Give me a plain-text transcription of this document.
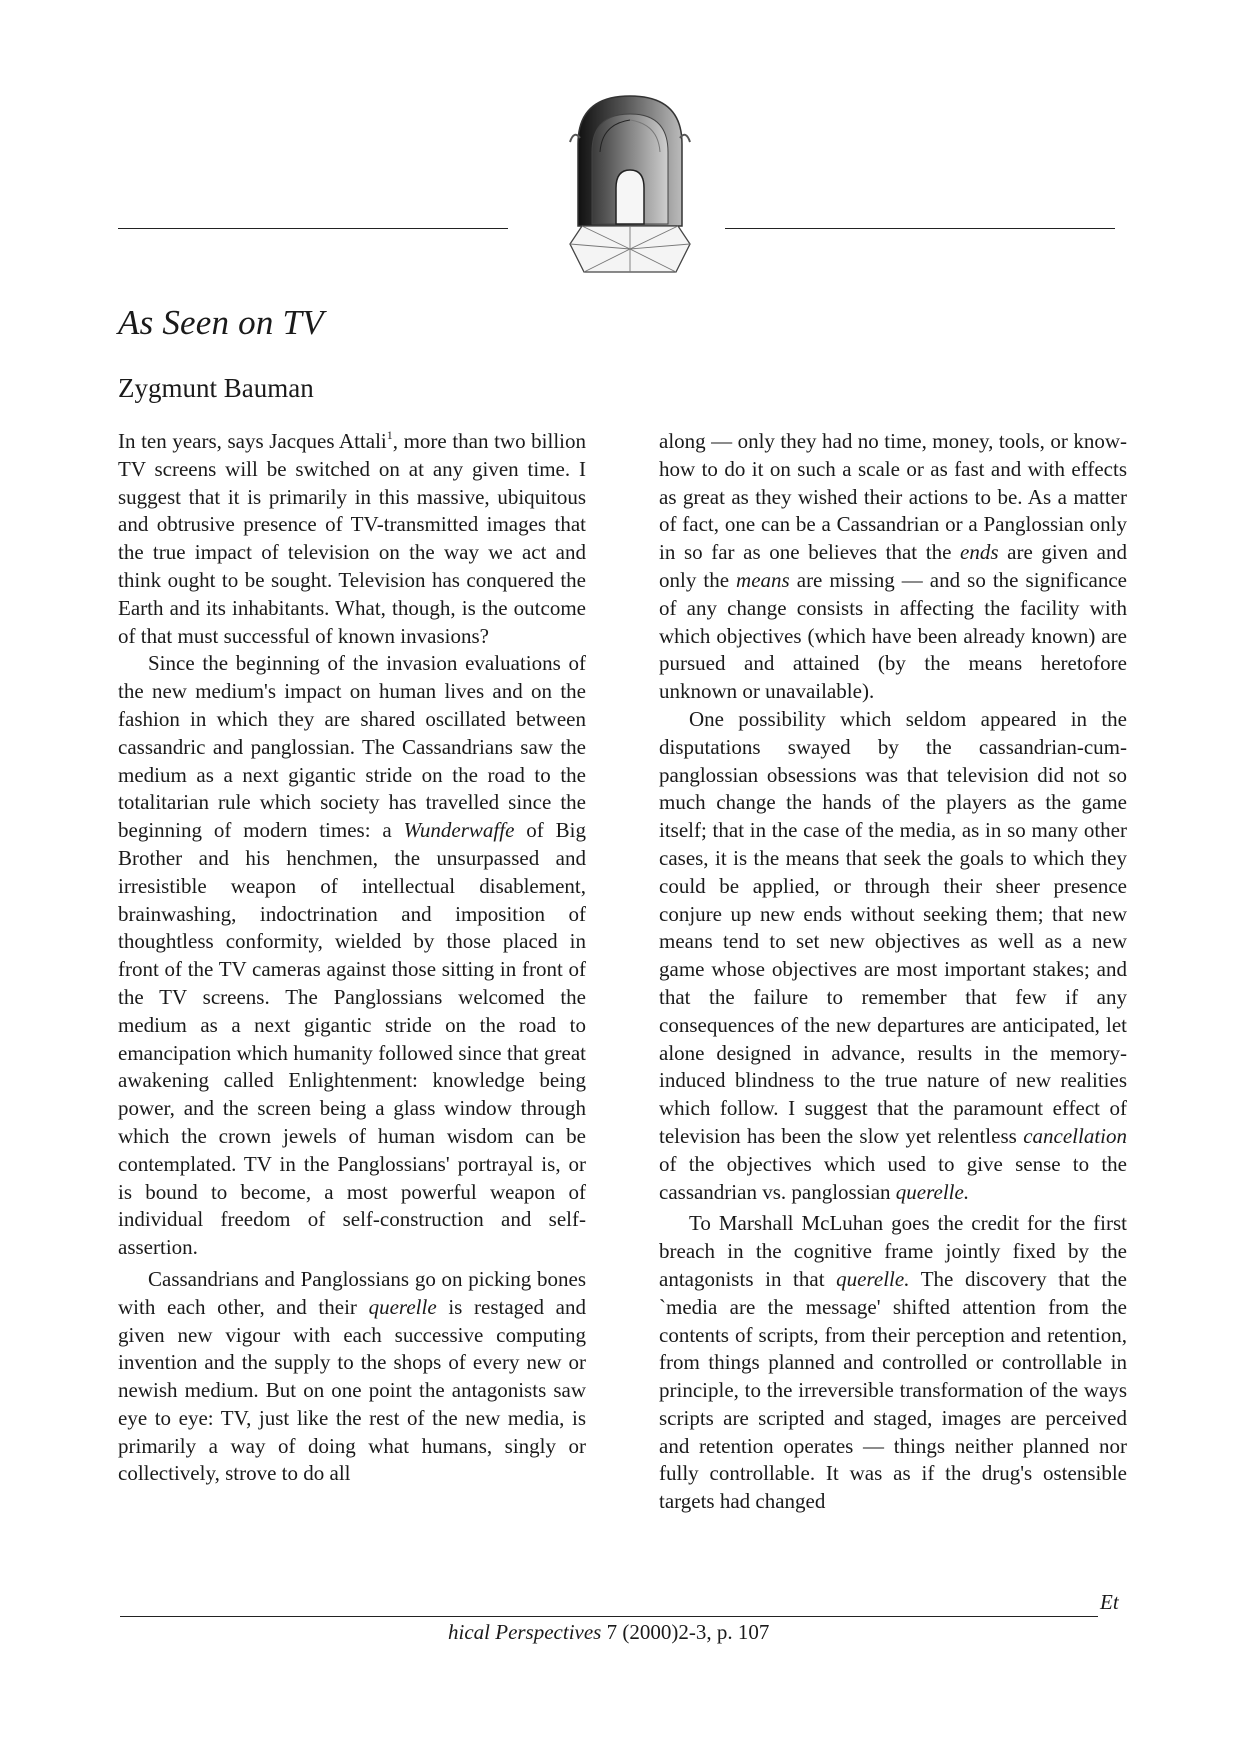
As Seen on TV
Zygmunt Bauman

In ten years, says Jacques Attali$^1$, more than two billion TV screens will be switched on at any given time. I suggest that it is primarily in this massive, ubiquitous and obtrusive presence of TV-transmitted images that the true impact of television on the way we act and think ought to be sought. Television has conquered the Earth and its inhabitants. What, though, is the outcome of that must successful of known invasions?

Since the beginning of the invasion evaluations of the new medium's impact on human lives and on the fashion in which they are shared oscillated between cassandric and panglossian. The Cassandrians saw the medium as a next gigantic stride on the road to the totalitarian rule which society has travelled since the beginning of modern times: a Wunderwaffe of Big Brother and his henchmen, the unsurpassed and irresistible weapon of intellectual disablement, brainwashing, indoctrination and imposition of thoughtless conformity, wielded by those placed in front of the TV cameras against those sitting in front of the TV screens. The Panglossians welcomed the medium as a next gigantic stride on the road to emancipation which humanity followed since that great awakening called Enlightenment: knowledge being power, and the screen being a glass window through which the crown jewels of human wisdom can be contemplated. TV in the Panglossians' portrayal is, or is bound to become, a most powerful weapon of individual freedom of self-construction and self-assertion.

Cassandrians and Panglossians go on picking bones with each other, and their querelle is restaged and given new vigour with each successive computing invention and the supply to the shops of every new or newish medium. But on one point the antagonists saw eye to eye: TV, just like the rest of the new media, is primarily a way of doing what humans, singly or collectively, strove to do all

along — only they had no time, money, tools, or know-how to do it on such a scale or as fast and with effects as great as they wished their actions to be. As a matter of fact, one can be a Cassandrian or a Panglossian only in so far as one believes that the ends are given and only the means are missing — and so the significance of any change consists in affecting the facility with which objectives (which have been already known) are pursued and attained (by the means heretofore unknown or unavailable).

One possibility which seldom appeared in the disputations swayed by the cassandrian-cum-panglossian obsessions was that television did not so much change the hands of the players as the game itself; that in the case of the media, as in so many other cases, it is the means that seek the goals to which they could be applied, or through their sheer presence conjure up new ends without seeking them; that new means tend to set new objectives as well as a new game whose objectives are most important stakes; and that the failure to remember that few if any consequences of the new departures are anticipated, let alone designed in advance, results in the memory-induced blindness to the true nature of new realities which follow. I suggest that the paramount effect of television has been the slow yet relentless cancellation of the objectives which used to give sense to the cassandrian vs. panglossian querelle.

To Marshall McLuhan goes the credit for the first breach in the cognitive frame jointly fixed by the antagonists in that querelle. The discovery that the `media are the message' shifted attention from the contents of scripts, from their perception and retention, from things planned and controlled or controllable in principle, to the irreversible transformation of the ways scripts are scripted and staged, images are perceived and retention operates — things neither planned nor fully controllable. It was as if the drug's ostensible targets had changed

Et
hical Perspectives 7 (2000)2-3, p. 107
